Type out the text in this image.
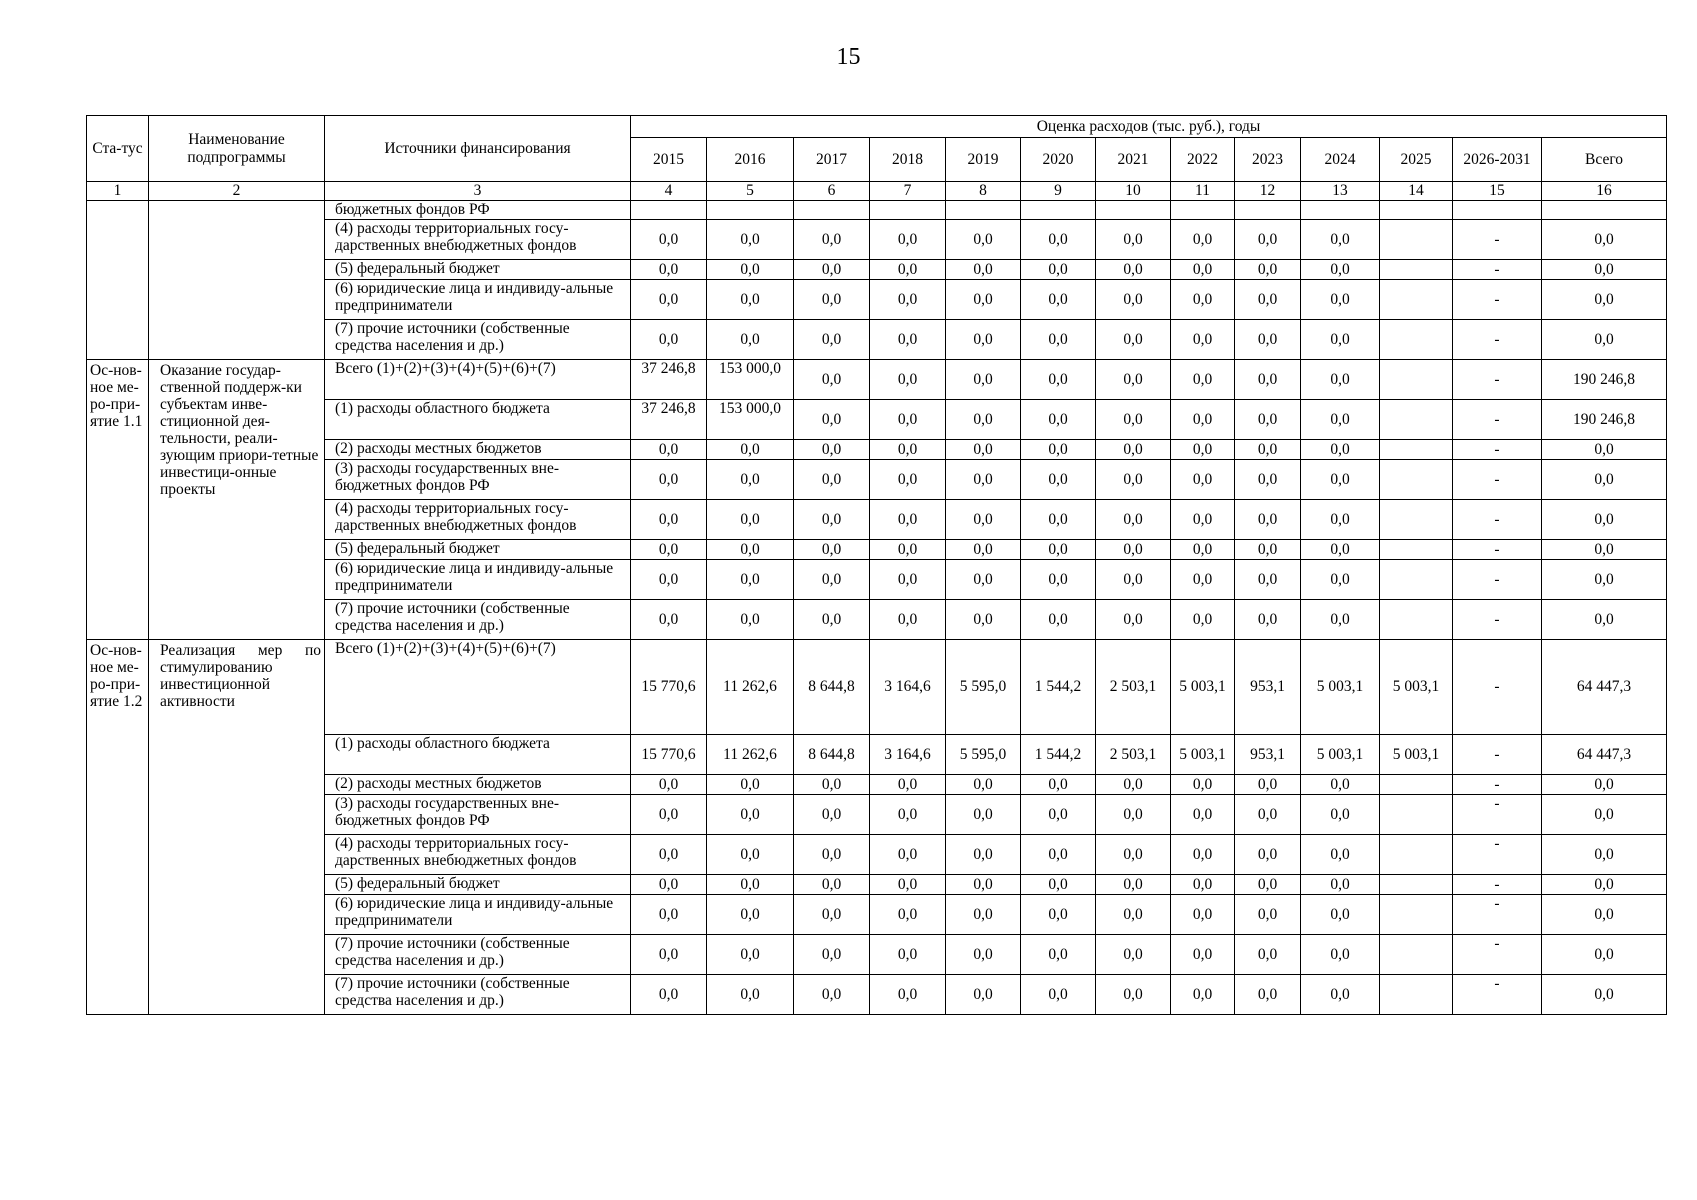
15
Ста-тус	Наименование подпрограммы	Источники финансирования	Оценка расходов (тыс. руб.), годы												
			2015	2016	2017	2018	2019	2020	2021	2022	2023	2024	2025	2026-2031	Всего
1	2	3	4	5	6	7	8	9	10	11	12	13	14	15	16
		бюджетных фондов РФ													
		(4) расходы территориальных госу-дарственных внебюджетных фондов	0,0	0,0	0,0	0,0	0,0	0,0	0,0	0,0	0,0	0,0		-	0,0
		(5) федеральный бюджет	0,0	0,0	0,0	0,0	0,0	0,0	0,0	0,0	0,0	0,0		-	0,0
		(6) юридические лица и индивиду-альные предприниматели	0,0	0,0	0,0	0,0	0,0	0,0	0,0	0,0	0,0	0,0		-	0,0
		(7) прочие источники (собственные средства населения и др.)	0,0	0,0	0,0	0,0	0,0	0,0	0,0	0,0	0,0	0,0		-	0,0
Ос-нов-ное ме-ро-при-ятие 1.1	Оказание государ-ственной поддерж-ки субъектам инве-стиционной дея-тельности, реали-зующим приори-тетные инвестици-онные проекты	Всего (1)+(2)+(3)+(4)+(5)+(6)+(7)	37 246,8	153 000,0	0,0	0,0	0,0	0,0	0,0	0,0	0,0	0,0		-	190 246,8
		(1) расходы областного бюджета	37 246,8	153 000,0	0,0	0,0	0,0	0,0	0,0	0,0	0,0	0,0		-	190 246,8
		(2) расходы местных бюджетов	0,0	0,0	0,0	0,0	0,0	0,0	0,0	0,0	0,0	0,0		-	0,0
		(3) расходы государственных вне-бюджетных фондов РФ	0,0	0,0	0,0	0,0	0,0	0,0	0,0	0,0	0,0	0,0		-	0,0
		(4) расходы территориальных госу-дарственных внебюджетных фондов	0,0	0,0	0,0	0,0	0,0	0,0	0,0	0,0	0,0	0,0		-	0,0
		(5) федеральный бюджет	0,0	0,0	0,0	0,0	0,0	0,0	0,0	0,0	0,0	0,0		-	0,0
		(6) юридические лица и индивиду-альные предприниматели	0,0	0,0	0,0	0,0	0,0	0,0	0,0	0,0	0,0	0,0		-	0,0
		(7) прочие источники (собственные средства населения и др.)	0,0	0,0	0,0	0,0	0,0	0,0	0,0	0,0	0,0	0,0		-	0,0
Ос-нов-ное ме-ро-при-ятие 1.2	Реализация мер по стимулированию инвестиционной активности	Всего (1)+(2)+(3)+(4)+(5)+(6)+(7)	15 770,6	11 262,6	8 644,8	3 164,6	5 595,0	1 544,2	2 503,1	5 003,1	953,1	5 003,1	5 003,1	-	64 447,3
		(1) расходы областного бюджета	15 770,6	11 262,6	8 644,8	3 164,6	5 595,0	1 544,2	2 503,1	5 003,1	953,1	5 003,1	5 003,1	-	64 447,3
		(2) расходы местных бюджетов	0,0	0,0	0,0	0,0	0,0	0,0	0,0	0,0	0,0	0,0		-	0,0
		(3) расходы государственных вне-бюджетных фондов РФ	0,0	0,0	0,0	0,0	0,0	0,0	0,0	0,0	0,0	0,0		-	0,0
		(4) расходы территориальных госу-дарственных внебюджетных фондов	0,0	0,0	0,0	0,0	0,0	0,0	0,0	0,0	0,0	0,0		-	0,0
		(5) федеральный бюджет	0,0	0,0	0,0	0,0	0,0	0,0	0,0	0,0	0,0	0,0		-	0,0
		(6) юридические лица и индивиду-альные предприниматели	0,0	0,0	0,0	0,0	0,0	0,0	0,0	0,0	0,0	0,0		-	0,0
		(7) прочие источники (собственные средства населения и др.)	0,0	0,0	0,0	0,0	0,0	0,0	0,0	0,0	0,0	0,0		-	0,0
		(7) прочие источники (собственные средства населения и др.)	0,0	0,0	0,0	0,0	0,0	0,0	0,0	0,0	0,0	0,0		-	0,0
